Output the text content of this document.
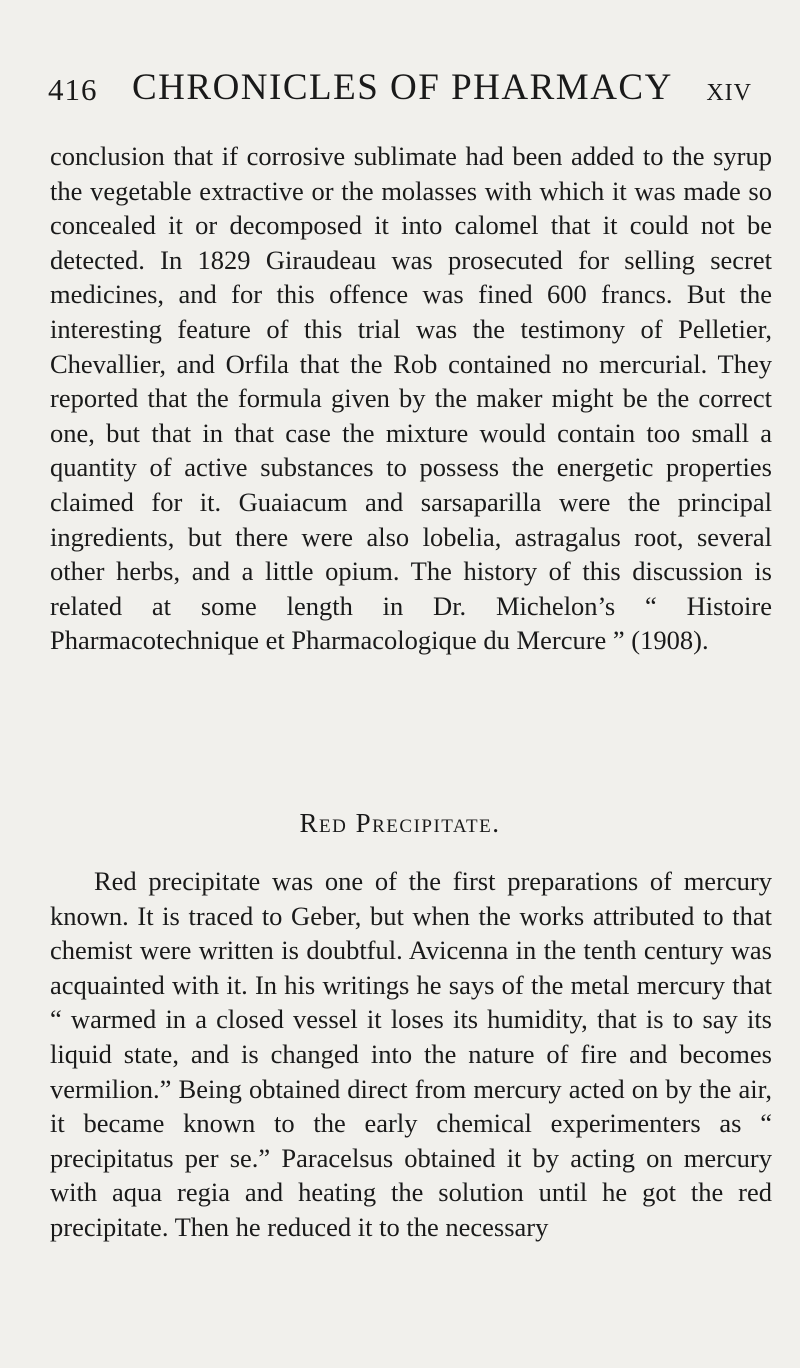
416 CHRONICLES OF PHARMACY XIV

conclusion that if corrosive sublimate had been added to the syrup the vegetable extractive or the molasses with which it was made so concealed it or decomposed it into calomel that it could not be detected. In 1829 Giraudeau was prosecuted for selling secret medicines, and for this offence was fined 600 francs. But the interesting feature of this trial was the testimony of Pelletier, Chevallier, and Orfila that the Rob contained no mercurial. They reported that the formula given by the maker might be the correct one, but that in that case the mixture would contain too small a quantity of active substances to possess the energetic properties claimed for it. Guaiacum and sarsaparilla were the principal ingredients, but there were also lobelia, astragalus root, several other herbs, and a little opium. The history of this discussion is related at some length in Dr. Michelon’s “ Histoire Pharmacotechnique et Pharmacologique du Mercure ” (1908).

Red Precipitate.

Red precipitate was one of the first preparations of mercury known. It is traced to Geber, but when the works attributed to that chemist were written is doubtful. Avicenna in the tenth century was acquainted with it. In his writings he says of the metal mercury that “ warmed in a closed vessel it loses its humidity, that is to say its liquid state, and is changed into the nature of fire and becomes vermilion.” Being obtained direct from mercury acted on by the air, it became known to the early chemical experimenters as “ precipitatus per se.” Paracelsus obtained it by acting on mercury with aqua regia and heating the solution until he got the red precipitate. Then he reduced it to the necessary
